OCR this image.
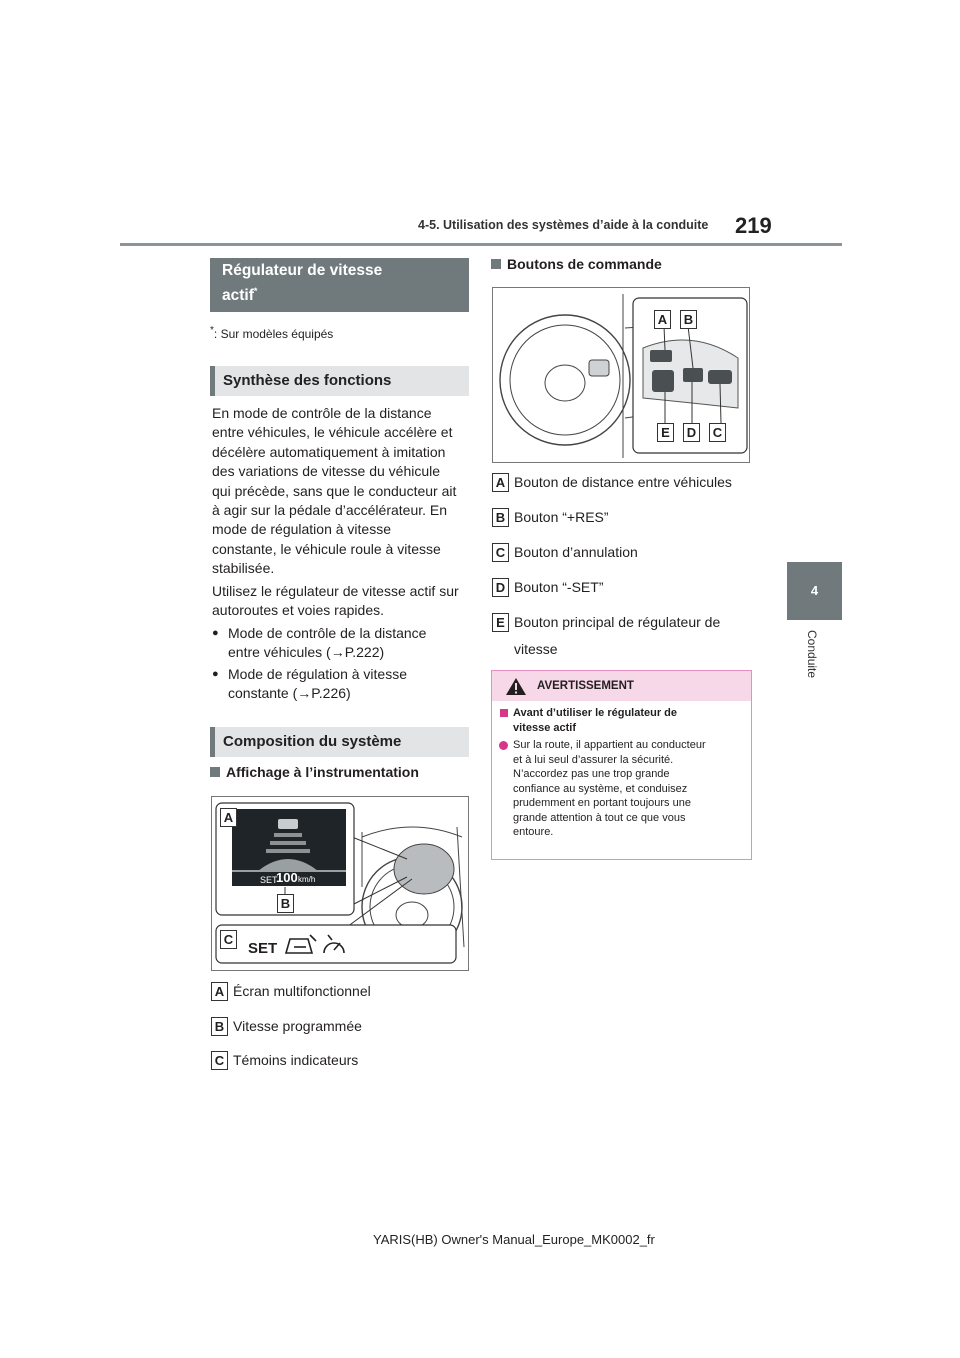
4-5. Utilisation des systèmes d’aide à la conduite 219
4
Conduite
Régulateur de vitesse
actif*
*: Sur modèles équipés
Synthèse des fonctions
En mode de contrôle de la distance
entre véhicules, le véhicule accélère et
décélère automatiquement à imitation
des variations de vitesse du véhicule
qui précède, sans que le conducteur ait
à agir sur la pédale d’accélérateur. En
mode de régulation à vitesse
constante, le véhicule roule à vitesse
stabilisée.
Utilisez le régulateur de vitesse actif sur
autoroutes et voies rapides.
● Mode de contrôle de la distance
entre véhicules (→P.222)
● Mode de régulation à vitesse
constante (→P.226)
Composition du système
Affichage à l’instrumentation
SET
100 km/h
SET
A
B
C
A Écran multifonctionnel
B Vitesse programmée
C Témoins indicateurs
Boutons de commande
A B
E	D C
A Bouton de distance entre véhicules
B Bouton “+RES”
C Bouton d’annulation
D Bouton “-SET”
E Bouton principal de régulateur de
vitesse
AVERTISSEMENT
Avant d’utiliser le régulateur de
vitesse actif
Sur la route, il appartient au conducteur
et à lui seul d’assurer la sécurité.
N’accordez pas une trop grande
confiance au système, et conduisez
prudemment en portant toujours une
grande attention à tout ce que vous
entoure.
YARIS(HB) Owner's Manual_Europe_MK0002_fr
